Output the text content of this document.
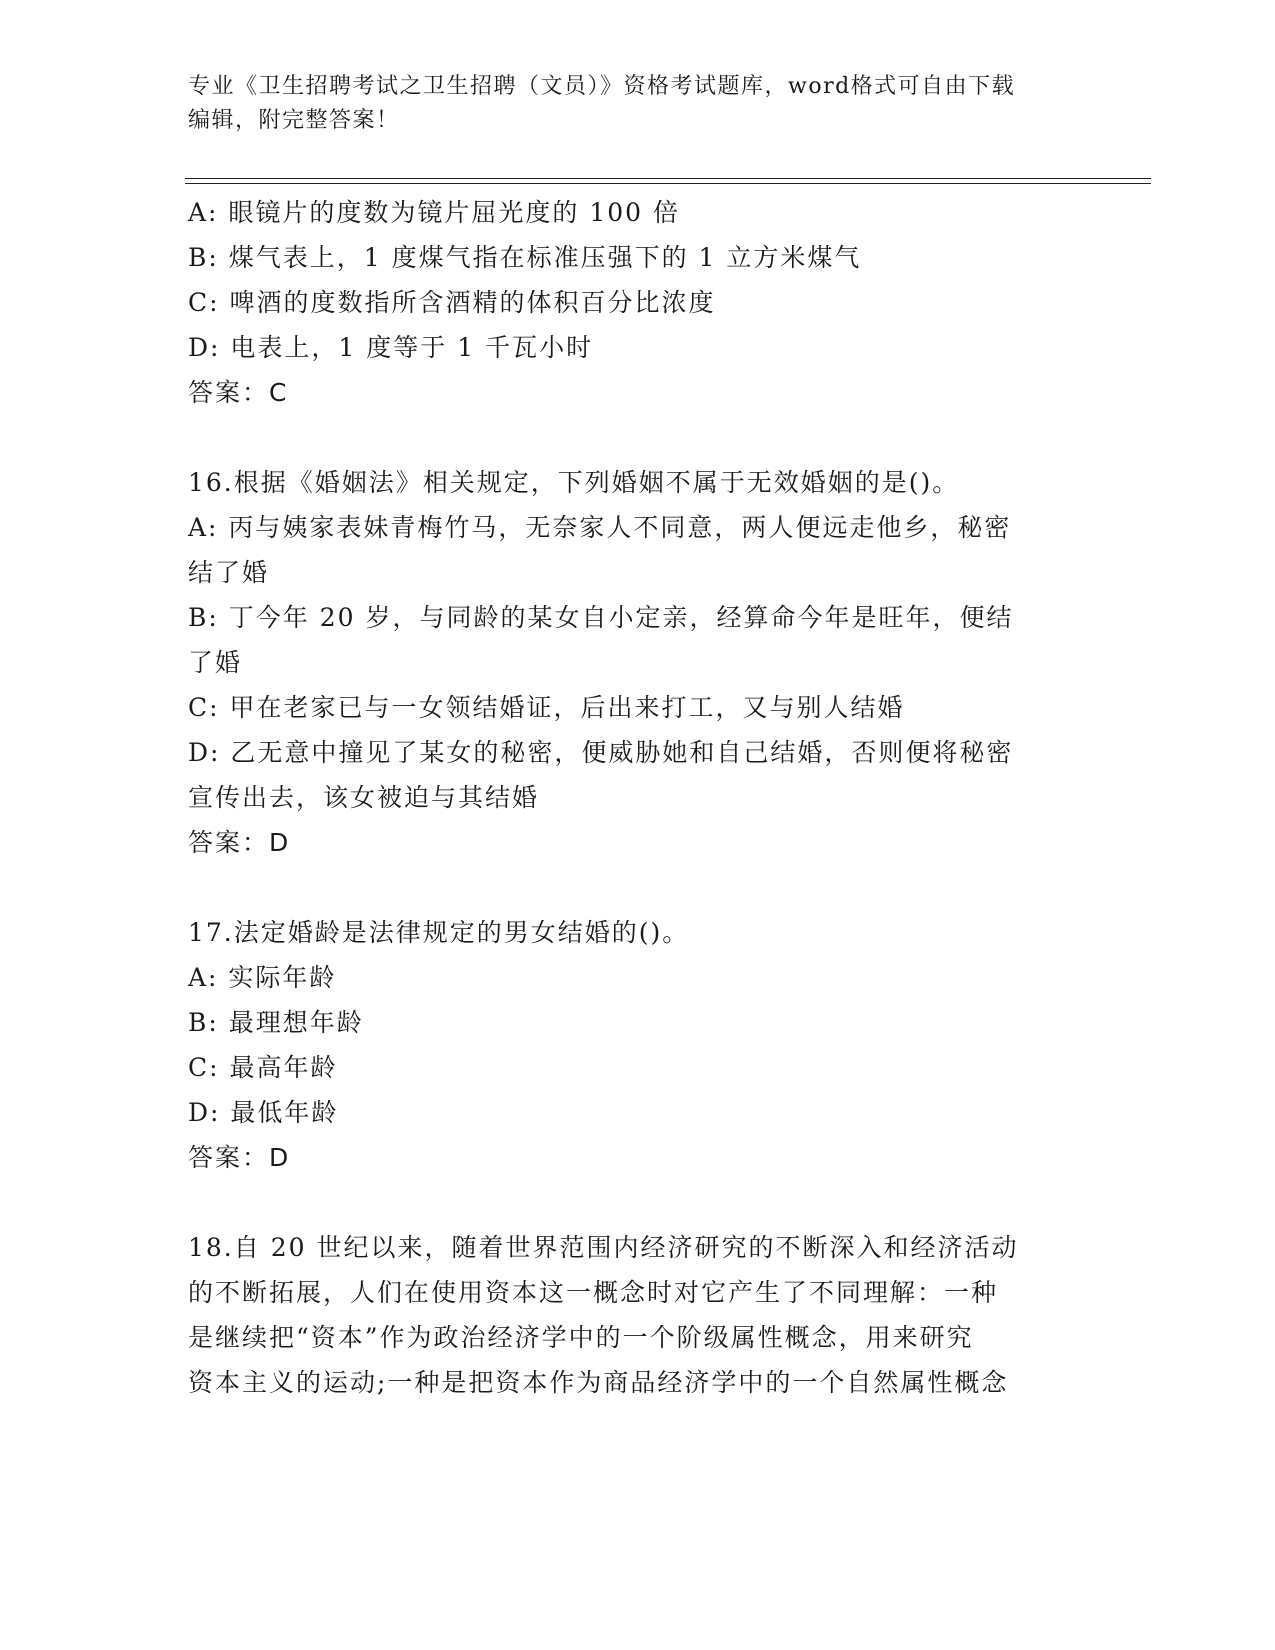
专业《卫生招聘考试之卫生招聘（文员）》资格考试题库，word格式可自由下载
编辑，附完整答案！
A: 眼镜片的度数为镜片屈光度的 100 倍
B: 煤气表上，1 度煤气指在标准压强下的 1 立方米煤气
C: 啤酒的度数指所含酒精的体积百分比浓度
D: 电表上，1 度等于 1 千瓦小时
答案：C
16.根据《婚姻法》相关规定，下列婚姻不属于无效婚姻的是()。
A: 丙与姨家表妹青梅竹马，无奈家人不同意，两人便远走他乡，秘密
结了婚
B: 丁今年 20 岁，与同龄的某女自小定亲，经算命今年是旺年，便结
了婚
C: 甲在老家已与一女领结婚证，后出来打工，又与别人结婚
D: 乙无意中撞见了某女的秘密，便威胁她和自己结婚，否则便将秘密
宣传出去，该女被迫与其结婚
答案：D
17.法定婚龄是法律规定的男女结婚的()。
A: 实际年龄
B: 最理想年龄
C: 最高年龄
D: 最低年龄
答案：D
18.自 20 世纪以来，随着世界范围内经济研究的不断深入和经济活动
的不断拓展，人们在使用资本这一概念时对它产生了不同理解：一种
是继续把“资本”作为政治经济学中的一个阶级属性概念，用来研究
资本主义的运动;一种是把资本作为商品经济学中的一个自然属性概念
